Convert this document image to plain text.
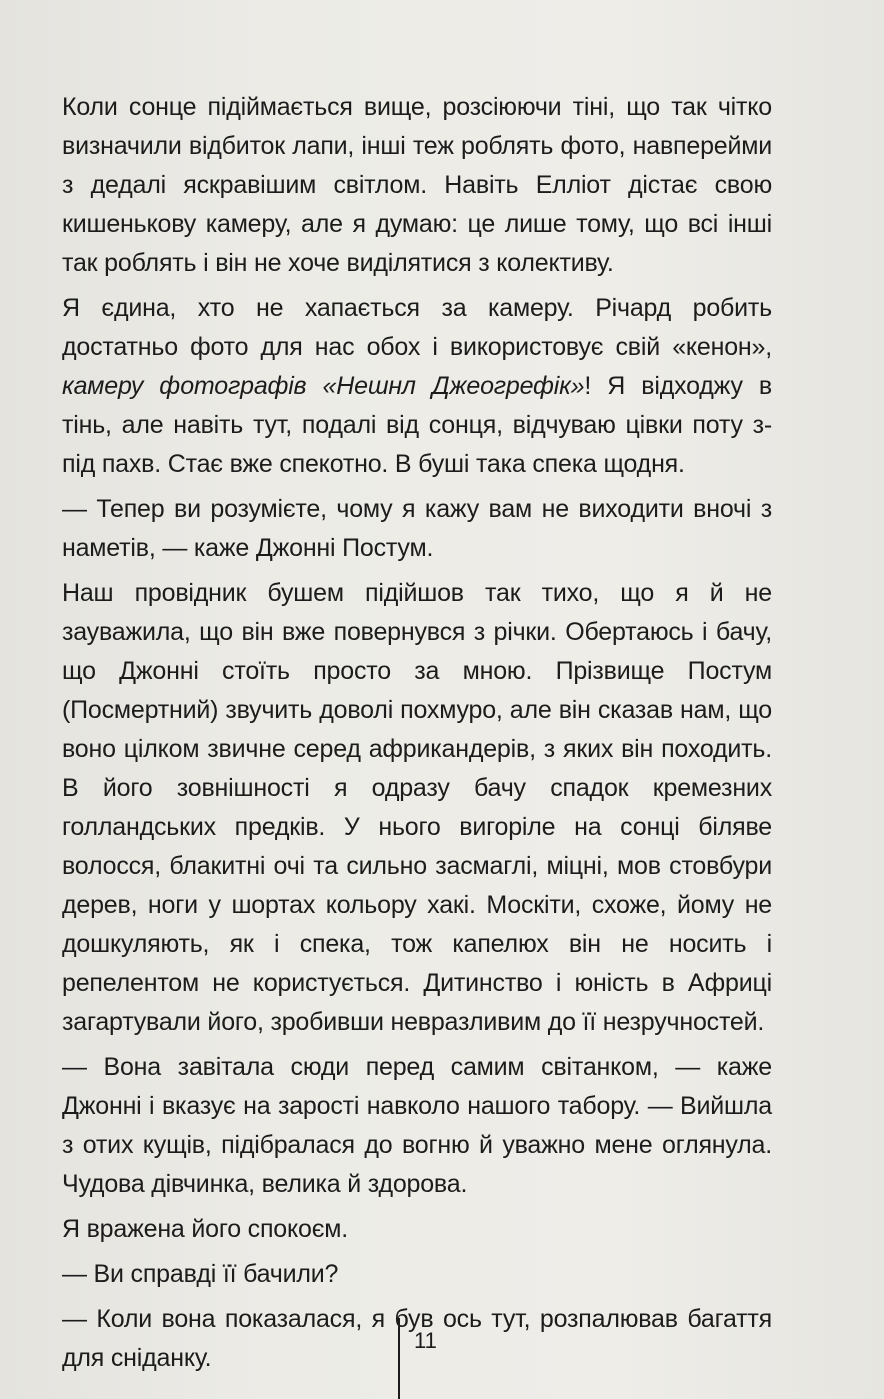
Коли сонце підіймається вище, розсіюючи тіні, що так чітко визначили відбиток лапи, інші теж роблять фото, навперейми з дедалі яскравішим світлом. Навіть Елліот дістає свою кишенькову камеру, але я думаю: це лише тому, що всі інші так роблять і він не хоче виділятися з колективу.

Я єдина, хто не хапається за камеру. Річард робить достатньо фото для нас обох і використовує свій «кенон», камеру фотографів «Нешнл Джеогрефік»! Я відходжу в тінь, але навіть тут, подалі від сонця, відчуваю цівки поту з-під пахв. Стає вже спекотно. В буші така спека щодня.

— Тепер ви розумієте, чому я кажу вам не виходити вночі з наметів, — каже Джонні Постум.

Наш провідник бушем підійшов так тихо, що я й не зауважила, що він вже повернувся з річки. Обертаюсь і бачу, що Джонні стоїть просто за мною. Прізвище Постум (Посмертний) звучить доволі похмуро, але він сказав нам, що воно цілком звичне серед африкандерів, з яких він походить. В його зовнішності я одразу бачу спадок кремезних голландських предків. У нього вигоріле на сонці біляве волосся, блакитні очі та сильно засмаглі, міцні, мов стовбури дерев, ноги у шортах кольору хакі. Москіти, схоже, йому не дошкуляють, як і спека, тож капелюх він не носить і репелентом не користується. Дитинство і юність в Африці загартували його, зробивши невразливим до її незручностей.

— Вона завітала сюди перед самим світанком, — каже Джонні і вказує на зарості навколо нашого табору. — Вийшла з отих кущів, підібралася до вогню й уважно мене оглянула. Чудова дівчинка, велика й здорова.

Я вражена його спокоєм.

— Ви справді її бачили?

— Коли вона показалася, я був ось тут, розпалював багаття для сніданку.

11
